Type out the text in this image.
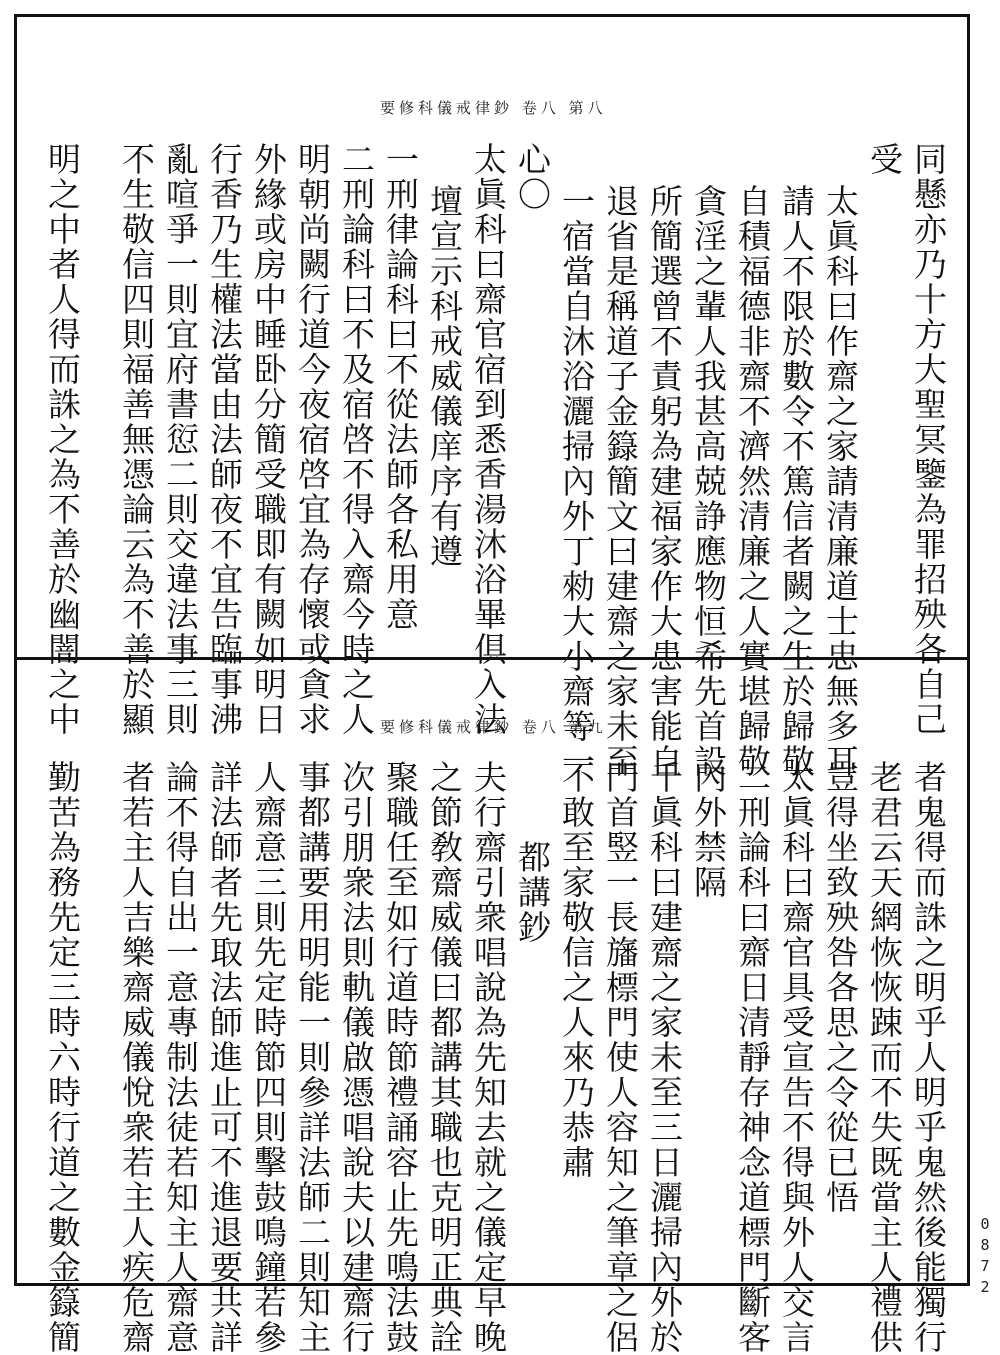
要修科儀戒律鈔 卷八 第八
同懸亦乃十方大聖冥鑒為罪招殃各自己
受
太眞科曰作齋之家請清廉道士忠無多耳
請人不限於數令不篤信者闕之生於歸敬
自積福德非齋不濟然清廉之人實堪歸敬
貪淫之輩人我甚高兢諍應物恒希先首設
所簡選曾不責躬為建福家作大患害能自
退省是稱道子金籙簡文曰建齋之家未至
一宿當自沐浴灑掃內外丁勑大小齋等一
心〇
太眞科曰齋官宿到悉香湯沐浴畢俱入法
壇宣示科戒威儀庠序有遵
一刑律論科曰不從法師各私用意
二刑論科曰不及宿啓不得入齋今時之人
明朝尚闕行道今夜宿啓宜為存懷或貪求
外緣或房中睡卧分簡受職即有闕如明日
行香乃生權法當由法師夜不宜告臨事沸
亂喧爭一則宜府書愆二則交違法事三則
不生敬信四則福善無憑論云為不善於顯
明之中者人得而誅之為不善於幽闇之中	要修科儀戒律鈔 卷八 第九
者鬼得而誅之明乎人明乎鬼然後能獨行
老君云天網恢恢踈而不失既當主人禮供
豈得坐致殃咎各思之令從已悟
太眞科曰齋官具受宣告不得與外人交言
二刑論科曰齋日清靜存神念道標門斷客
內外禁隔
千眞科曰建齋之家未至三日灑掃內外於
門首竪一長旛標門使人容知之筆章之侶
不敢至家敬信之人來乃恭肅
都講鈔
夫行齋引衆唱說為先知去就之儀定早晚
之節敎齋威儀曰都講其職也克明正典詮
聚職任至如行道時節禮誦容止先鳴法鼓
次引朋衆法則軌儀啟憑唱說夫以建齋行
事都講要用明能一則參詳法師二則知主
人齋意三則先定時節四則擊鼓鳴鐘若參
詳法師者先取法師進止可不進退要共詳
論不得自出一意專制法徒若知主人齋意
者若主人吉樂齋威儀悅衆若主人疾危齋
勤苦為務先定三時六時行道之數金籙簡	0872
